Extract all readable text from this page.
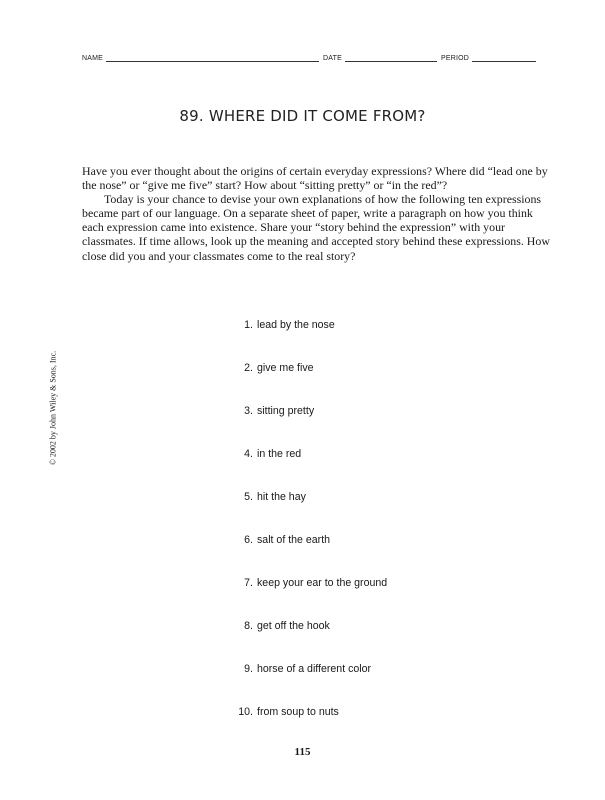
NAME	DATE	PERIOD
89. WHERE DID IT COME FROM?

Have you ever thought about the origins of certain everyday expressions? Where did “lead one by the nose” or “give me five” start? How about “sitting pretty” or “in the red”?

Today is your chance to devise your own explanations of how the following ten expressions became part of our language. On a separate sheet of paper, write a paragraph on how you think each expression came into existence. Share your “story behind the expression” with your classmates. If time allows, look up the meaning and accepted story behind these expressions. How close did you and your classmates come to the real story?

© 2002 by John Wiley & Sons, Inc.
1. lead by the nose
2. give me five
3. sitting pretty
4. in the red
5. hit the hay
6. salt of the earth
7. keep your ear to the ground
8. get off the hook
9. horse of a different color
10. from soup to nuts
115
